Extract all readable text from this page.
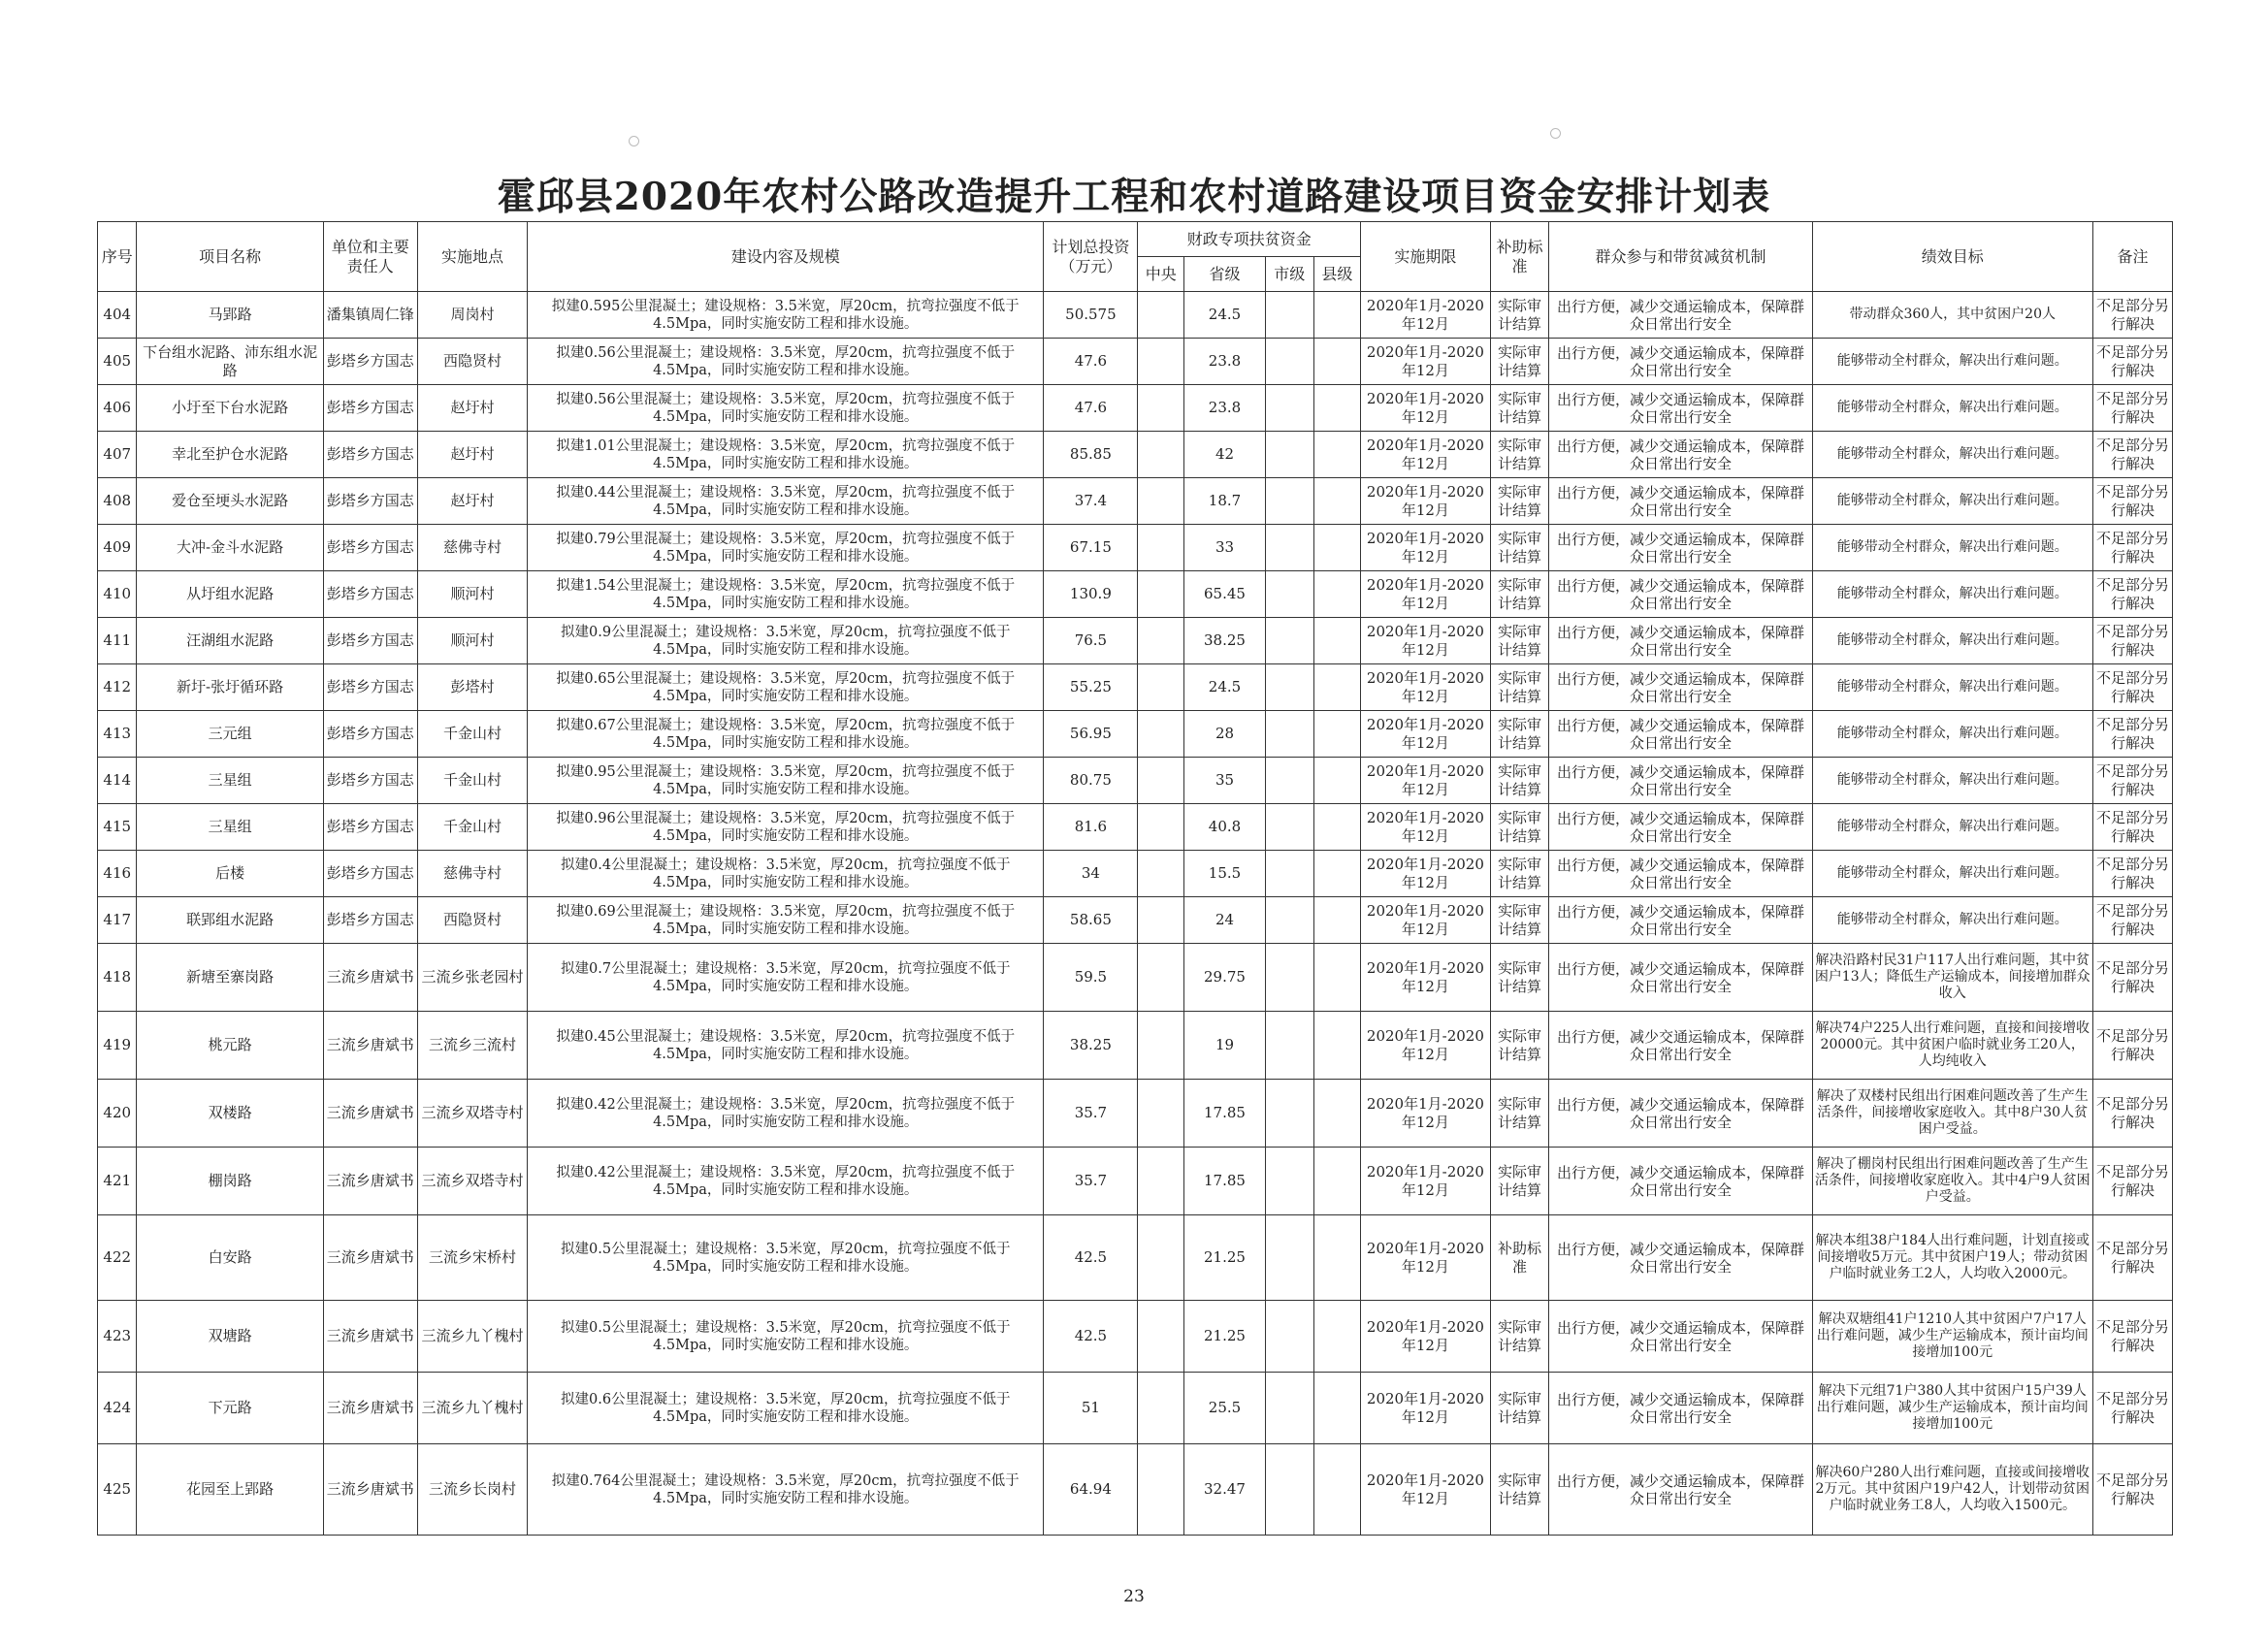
霍邱县2020年农村公路改造提升工程和农村道路建设项目资金安排计划表
序号	项目名称	单位和主要责任人	实施地点	建设内容及规模	计划总投资（万元）	财政专项扶贫资金				实施期限	补助标准	群众参与和带贫减贫机制	绩效目标	备注
						中央	省级	市级	县级					
404	马郢路	潘集镇周仁锋	周岗村	拟建0.595公里混凝土；建设规格：3.5米宽，厚20cm，抗弯拉强度不低于4.5Mpa，同时实施安防工程和排水设施。	50.575		24.5			2020年1月-2020年12月	实际审计结算	出行方便，减少交通运输成本，保障群众日常出行安全	带动群众360人，其中贫困户20人	不足部分另行解决
405	下台组水泥路、沛东组水泥路	彭塔乡方国志	西隐贤村	拟建0.56公里混凝土；建设规格：3.5米宽，厚20cm，抗弯拉强度不低于4.5Mpa，同时实施安防工程和排水设施。	47.6		23.8			2020年1月-2020年12月	实际审计结算	出行方便，减少交通运输成本，保障群众日常出行安全	能够带动全村群众，解决出行难问题。	不足部分另行解决
406	小圩至下台水泥路	彭塔乡方国志	赵圩村	拟建0.56公里混凝土；建设规格：3.5米宽，厚20cm，抗弯拉强度不低于4.5Mpa，同时实施安防工程和排水设施。	47.6		23.8			2020年1月-2020年12月	实际审计结算	出行方便，减少交通运输成本，保障群众日常出行安全	能够带动全村群众，解决出行难问题。	不足部分另行解决
407	幸北至护仓水泥路	彭塔乡方国志	赵圩村	拟建1.01公里混凝土；建设规格：3.5米宽，厚20cm，抗弯拉强度不低于4.5Mpa，同时实施安防工程和排水设施。	85.85		42			2020年1月-2020年12月	实际审计结算	出行方便，减少交通运输成本，保障群众日常出行安全	能够带动全村群众，解决出行难问题。	不足部分另行解决
408	爱仓至埂头水泥路	彭塔乡方国志	赵圩村	拟建0.44公里混凝土；建设规格：3.5米宽，厚20cm，抗弯拉强度不低于4.5Mpa，同时实施安防工程和排水设施。	37.4		18.7			2020年1月-2020年12月	实际审计结算	出行方便，减少交通运输成本，保障群众日常出行安全	能够带动全村群众，解决出行难问题。	不足部分另行解决
409	大冲-金斗水泥路	彭塔乡方国志	慈佛寺村	拟建0.79公里混凝土；建设规格：3.5米宽，厚20cm，抗弯拉强度不低于4.5Mpa，同时实施安防工程和排水设施。	67.15		33			2020年1月-2020年12月	实际审计结算	出行方便，减少交通运输成本，保障群众日常出行安全	能够带动全村群众，解决出行难问题。	不足部分另行解决
410	从圩组水泥路	彭塔乡方国志	顺河村	拟建1.54公里混凝土；建设规格：3.5米宽，厚20cm，抗弯拉强度不低于4.5Mpa，同时实施安防工程和排水设施。	130.9		65.45			2020年1月-2020年12月	实际审计结算	出行方便，减少交通运输成本，保障群众日常出行安全	能够带动全村群众，解决出行难问题。	不足部分另行解决
411	汪湖组水泥路	彭塔乡方国志	顺河村	拟建0.9公里混凝土；建设规格：3.5米宽，厚20cm，抗弯拉强度不低于4.5Mpa，同时实施安防工程和排水设施。	76.5		38.25			2020年1月-2020年12月	实际审计结算	出行方便，减少交通运输成本，保障群众日常出行安全	能够带动全村群众，解决出行难问题。	不足部分另行解决
412	新圩-张圩循环路	彭塔乡方国志	彭塔村	拟建0.65公里混凝土；建设规格：3.5米宽，厚20cm，抗弯拉强度不低于4.5Mpa，同时实施安防工程和排水设施。	55.25		24.5			2020年1月-2020年12月	实际审计结算	出行方便，减少交通运输成本，保障群众日常出行安全	能够带动全村群众，解决出行难问题。	不足部分另行解决
413	三元组	彭塔乡方国志	千金山村	拟建0.67公里混凝土；建设规格：3.5米宽，厚20cm，抗弯拉强度不低于4.5Mpa，同时实施安防工程和排水设施。	56.95		28			2020年1月-2020年12月	实际审计结算	出行方便，减少交通运输成本，保障群众日常出行安全	能够带动全村群众，解决出行难问题。	不足部分另行解决
414	三星组	彭塔乡方国志	千金山村	拟建0.95公里混凝土；建设规格：3.5米宽，厚20cm，抗弯拉强度不低于4.5Mpa，同时实施安防工程和排水设施。	80.75		35			2020年1月-2020年12月	实际审计结算	出行方便，减少交通运输成本，保障群众日常出行安全	能够带动全村群众，解决出行难问题。	不足部分另行解决
415	三星组	彭塔乡方国志	千金山村	拟建0.96公里混凝土；建设规格：3.5米宽，厚20cm，抗弯拉强度不低于4.5Mpa，同时实施安防工程和排水设施。	81.6		40.8			2020年1月-2020年12月	实际审计结算	出行方便，减少交通运输成本，保障群众日常出行安全	能够带动全村群众，解决出行难问题。	不足部分另行解决
416	后楼	彭塔乡方国志	慈佛寺村	拟建0.4公里混凝土；建设规格：3.5米宽，厚20cm，抗弯拉强度不低于4.5Mpa，同时实施安防工程和排水设施。	34		15.5			2020年1月-2020年12月	实际审计结算	出行方便，减少交通运输成本，保障群众日常出行安全	能够带动全村群众，解决出行难问题。	不足部分另行解决
417	联郢组水泥路	彭塔乡方国志	西隐贤村	拟建0.69公里混凝土；建设规格：3.5米宽，厚20cm，抗弯拉强度不低于4.5Mpa，同时实施安防工程和排水设施。	58.65		24			2020年1月-2020年12月	实际审计结算	出行方便，减少交通运输成本，保障群众日常出行安全	能够带动全村群众，解决出行难问题。	不足部分另行解决
418	新塘至寨岗路	三流乡唐斌书	三流乡张老园村	拟建0.7公里混凝土；建设规格：3.5米宽，厚20cm，抗弯拉强度不低于4.5Mpa，同时实施安防工程和排水设施。	59.5		29.75			2020年1月-2020年12月	实际审计结算	出行方便，减少交通运输成本，保障群众日常出行安全	解决沿路村民31户117人出行难问题，其中贫困户13人；降低生产运输成本，间接增加群众收入	不足部分另行解决
419	桃元路	三流乡唐斌书	三流乡三流村	拟建0.45公里混凝土；建设规格：3.5米宽，厚20cm，抗弯拉强度不低于4.5Mpa，同时实施安防工程和排水设施。	38.25		19			2020年1月-2020年12月	实际审计结算	出行方便，减少交通运输成本，保障群众日常出行安全	解决74户225人出行难问题，直接和间接增收20000元。其中贫困户临时就业务工20人，人均纯收入	不足部分另行解决
420	双楼路	三流乡唐斌书	三流乡双塔寺村	拟建0.42公里混凝土；建设规格：3.5米宽，厚20cm，抗弯拉强度不低于4.5Mpa，同时实施安防工程和排水设施。	35.7		17.85			2020年1月-2020年12月	实际审计结算	出行方便，减少交通运输成本，保障群众日常出行安全	解决了双楼村民组出行困难问题改善了生产生活条件，间接增收家庭收入。其中8户30人贫困户受益。	不足部分另行解决
421	棚岗路	三流乡唐斌书	三流乡双塔寺村	拟建0.42公里混凝土；建设规格：3.5米宽，厚20cm，抗弯拉强度不低于4.5Mpa，同时实施安防工程和排水设施。	35.7		17.85			2020年1月-2020年12月	实际审计结算	出行方便，减少交通运输成本，保障群众日常出行安全	解决了棚岗村民组出行困难问题改善了生产生活条件，间接增收家庭收入。其中4户9人贫困户受益。	不足部分另行解决
422	白安路	三流乡唐斌书	三流乡宋桥村	拟建0.5公里混凝土；建设规格：3.5米宽，厚20cm，抗弯拉强度不低于4.5Mpa，同时实施安防工程和排水设施。	42.5		21.25			2020年1月-2020年12月	补助标准	出行方便，减少交通运输成本，保障群众日常出行安全	解决本组38户184人出行难问题，计划直接或间接增收5万元。其中贫困户19人；带动贫困户临时就业务工2人，人均收入2000元。	不足部分另行解决
423	双塘路	三流乡唐斌书	三流乡九丫槐村	拟建0.5公里混凝土；建设规格：3.5米宽，厚20cm，抗弯拉强度不低于4.5Mpa，同时实施安防工程和排水设施。	42.5		21.25			2020年1月-2020年12月	实际审计结算	出行方便，减少交通运输成本，保障群众日常出行安全	解决双塘组41户1210人其中贫困户7户17人出行难问题，减少生产运输成本，预计亩均间接增加100元	不足部分另行解决
424	下元路	三流乡唐斌书	三流乡九丫槐村	拟建0.6公里混凝土；建设规格：3.5米宽，厚20cm，抗弯拉强度不低于4.5Mpa，同时实施安防工程和排水设施。	51		25.5			2020年1月-2020年12月	实际审计结算	出行方便，减少交通运输成本，保障群众日常出行安全	解决下元组71户380人其中贫困户15户39人出行难问题，减少生产运输成本，预计亩均间接增加100元	不足部分另行解决
425	花园至上郢路	三流乡唐斌书	三流乡长岗村	拟建0.764公里混凝土；建设规格：3.5米宽，厚20cm，抗弯拉强度不低于4.5Mpa，同时实施安防工程和排水设施。	64.94		32.47			2020年1月-2020年12月	实际审计结算	出行方便，减少交通运输成本，保障群众日常出行安全	解决60户280人出行难问题，直接或间接增收2万元。其中贫困户19户42人，计划带动贫困户临时就业务工8人，人均收入1500元。	不足部分另行解决
23
